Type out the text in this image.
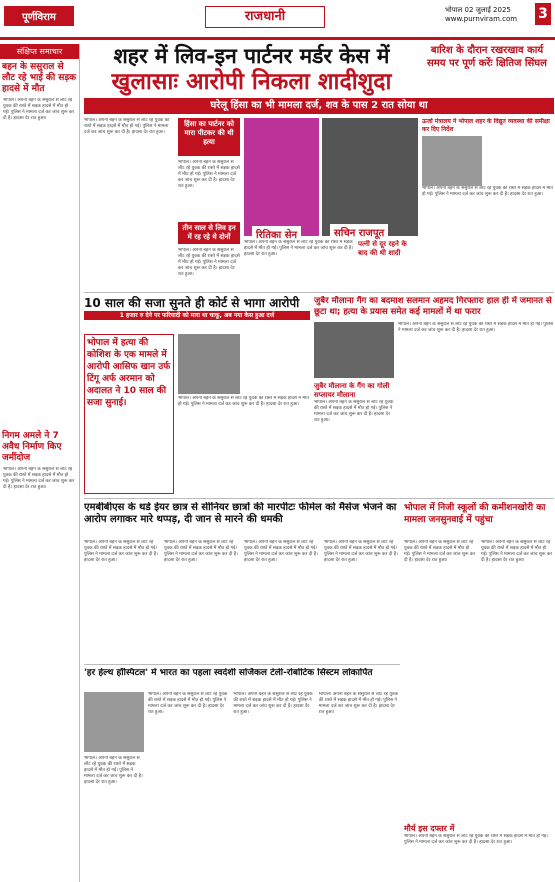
पूर्णविराम	राजधानी	भोपाल 02 जुलाई 2025
www.purnviram.com	3
संक्षिप्त समाचार
बहन के ससुराल से लौट रहे भाई की सड़क हादसे में मौत
भोपाल। अपनी बहन के ससुराल से लौट रहे युवक की रास्ते में सड़क हादसे में मौत हो गई। पुलिस ने मामला दर्ज कर जांच शुरू कर दी है। हादसा देर रात हुआ।
निगम अमले ने 7 अवैध निर्माण किए जमींदोज
भोपाल। अपनी बहन के ससुराल से लौट रहे युवक की रास्ते में सड़क हादसे में मौत हो गई। पुलिस ने मामला दर्ज कर जांच शुरू कर दी है। हादसा देर रात हुआ।
शहर में लिव-इन पार्टनर मर्डर केस में
खुलासाः आरोपी निकला शादीशुदा
बारिश के दौरान रखरखाव कार्य समय पर पूर्ण करेंः क्षितिज सिंघल
घरेलू हिंसा का भी मामला दर्ज, शव के पास 2 रात सोया था
भोपाल। अपनी बहन के ससुराल से लौट रहे युवक की रास्ते में सड़क हादसे में मौत हो गई। पुलिस ने मामला दर्ज कर जांच शुरू कर दी है। हादसा देर रात हुआ।
हिंसा का पार्टनर को मारा पीटकर की थी हत्या
भोपाल। अपनी बहन के ससुराल से लौट रहे युवक की रास्ते में सड़क हादसे में मौत हो गई। पुलिस ने मामला दर्ज कर जांच शुरू कर दी है। हादसा देर रात हुआ।
तीन साल से लिव इन में रह रहे थे दोनों
भोपाल। अपनी बहन के ससुराल से लौट रहे युवक की रास्ते में सड़क हादसे में मौत हो गई। पुलिस ने मामला दर्ज कर जांच शुरू कर दी है। हादसा देर रात हुआ।
रितिका सेन	सचिन राजपूत
भोपाल। अपनी बहन के ससुराल से लौट रहे युवक की रास्ते में सड़क हादसे में मौत हो गई। पुलिस ने मामला दर्ज कर जांच शुरू कर दी है। हादसा देर रात हुआ।
पत्नी से दूर रहने के बाद की थी शादी
ऊर्जा मंत्रालय ने भोपाल शहर के विद्युत व्यवस्था की समीक्षा कर दिए निर्देश
भोपाल। अपनी बहन के ससुराल से लौट रहे युवक की रास्ते में सड़क हादसे में मौत हो गई। पुलिस ने मामला दर्ज कर जांच शुरू कर दी है। हादसा देर रात हुआ।
10 साल की सजा सुनते ही कोर्ट से भागा आरोपी
1 हजार रु देने पर फरियादी को मारा था चाकू, अब नया केस हुआ दर्ज
भोपाल में हत्या की कोशिश के एक मामले में आरोपी आसिफ खान उर्फ टिंगू अर्फ अरमान को अदालत ने 10 साल की सजा सुनाई।	भोपाल। अपनी बहन के ससुराल से लौट रहे युवक की रास्ते में सड़क हादसे में मौत हो गई। पुलिस ने मामला दर्ज कर जांच शुरू कर दी है। हादसा देर रात हुआ।
जुबैर मौलाना गैंग का बदमाश सलमान अहमद गिरफ्तारः हाल ही में जमानत से छूटा था; हत्या के प्रयास समेत कई मामलों में था फरार
भोपाल। अपनी बहन के ससुराल से लौट रहे युवक की रास्ते में सड़क हादसे में मौत हो गई। पुलिस ने मामला दर्ज कर जांच शुरू कर दी है। हादसा देर रात हुआ।
जुबैर मौलाना के गैंग का गोली सप्लायर मौलाना
भोपाल। अपनी बहन के ससुराल से लौट रहे युवक की रास्ते में सड़क हादसे में मौत हो गई। पुलिस ने मामला दर्ज कर जांच शुरू कर दी है। हादसा देर रात हुआ।
एमबीबीएस के थर्ड ईयर छात्र से सीनियर छात्रों की मारपीटः फीमेल को मैसेज भेजने का आरोप लगाकर मारे थप्पड़, दी जान से मारने की धमकी
भोपाल। अपनी बहन के ससुराल से लौट रहे युवक की रास्ते में सड़क हादसे में मौत हो गई। पुलिस ने मामला दर्ज कर जांच शुरू कर दी है। हादसा देर रात हुआ।
भोपाल। अपनी बहन के ससुराल से लौट रहे युवक की रास्ते में सड़क हादसे में मौत हो गई। पुलिस ने मामला दर्ज कर जांच शुरू कर दी है। हादसा देर रात हुआ।
भोपाल। अपनी बहन के ससुराल से लौट रहे युवक की रास्ते में सड़क हादसे में मौत हो गई। पुलिस ने मामला दर्ज कर जांच शुरू कर दी है। हादसा देर रात हुआ।
भोपाल। अपनी बहन के ससुराल से लौट रहे युवक की रास्ते में सड़क हादसे में मौत हो गई। पुलिस ने मामला दर्ज कर जांच शुरू कर दी है। हादसा देर रात हुआ।
भोपाल में निजी स्कूलों की कमीशनखोरी का मामला जनसुनवाई में पहुंचा
भोपाल। अपनी बहन के ससुराल से लौट रहे युवक की रास्ते में सड़क हादसे में मौत हो गई। पुलिस ने मामला दर्ज कर जांच शुरू कर दी है। हादसा देर रात हुआ।
भोपाल। अपनी बहन के ससुराल से लौट रहे युवक की रास्ते में सड़क हादसे में मौत हो गई। पुलिस ने मामला दर्ज कर जांच शुरू कर दी है। हादसा देर रात हुआ।
मौर्य इस दफ्तर में
भोपाल। अपनी बहन के ससुराल से लौट रहे युवक की रास्ते में सड़क हादसे में मौत हो गई। पुलिस ने मामला दर्ज कर जांच शुरू कर दी है। हादसा देर रात हुआ।
'हर हेल्थ हॉस्पिटल' में भारत का पहला स्वदेशी सर्जिकल टेली-रोबोटिक सिस्टम लोकार्पित
भोपाल। अपनी बहन के ससुराल से लौट रहे युवक की रास्ते में सड़क हादसे में मौत हो गई। पुलिस ने मामला दर्ज कर जांच शुरू कर दी है। हादसा देर रात हुआ।
भोपाल। अपनी बहन के ससुराल से लौट रहे युवक की रास्ते में सड़क हादसे में मौत हो गई। पुलिस ने मामला दर्ज कर जांच शुरू कर दी है। हादसा देर रात हुआ।
भोपाल। अपनी बहन के ससुराल से लौट रहे युवक की रास्ते में सड़क हादसे में मौत हो गई। पुलिस ने मामला दर्ज कर जांच शुरू कर दी है। हादसा देर रात हुआ।
भोपाल। अपनी बहन के ससुराल से लौट रहे युवक की रास्ते में सड़क हादसे में मौत हो गई। पुलिस ने मामला दर्ज कर जांच शुरू कर दी है। हादसा देर रात हुआ।
